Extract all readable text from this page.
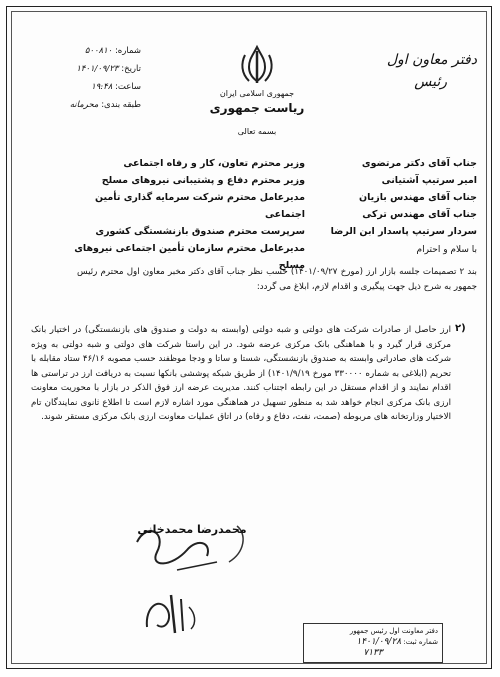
شماره: ۵۰۰۸۱۰
تاریخ: ۱۴۰۱/۰۹/۲۳
ساعت: ۱۹:۴۸
طبقه بندی: محرمانه
جمهوری اسلامی ایران
ریاست جمهوری
بسمه تعالی
دفتر معاون اول
رئیس
جناب آقای دکتر مرتضوی
امیر سرتیپ آشتیانی
جناب آقای مهندس بازیان
جناب آقای مهندس ترکی
سردار سرتیپ پاسدار ابن الرضا
وزیر محترم تعاون، کار و رفاه اجتماعی
وزیر محترم دفاع و پشتیبانی نیروهای مسلح
مدیرعامل محترم شرکت سرمایه گذاری تأمین اجتماعی
سرپرست محترم صندوق بازنشستگی کشوری
مدیرعامل محترم سازمان تأمین اجتماعی نیروهای مسلح
با سلام و احترام
بند ۲ تصمیمات جلسه بازار ارز (مورخ ۱۴۰۱/۰۹/۲۷) حسب نظر جناب آقای دکتر مخبر معاون اول محترم رئیس جمهور به شرح ذیل جهت پیگیری و اقدام لازم، ابلاغ می گردد:
۲)
ارز حاصل از صادرات شرکت های دولتی و شبه دولتی (وابسته به دولت و صندوق های بازنشستگی) در اختیار بانک مرکزی قرار گیرد و با هماهنگی بانک مرکزی عرضه شود. در این راستا شرکت های دولتی و شبه دولتی به ویژه شرکت های صادراتی وابسته به صندوق بازنشستگی، شستا و ساتا و ودجا موظفند حسب مصوبه ۴۶/۱۶ ستاد مقابله با تحریم (ابلاغی به شماره ۳۳۰۰۰۰ مورخ ۱۴۰۱/۹/۱۹) از طریق شبکه پوششی بانکها نسبت به دریافت ارز در تراستی ها اقدام نمایند و از اقدام مستقل در این رابطه اجتناب کنند. مدیریت عرضه ارز فوق الذکر در بازار با محوریت معاونت ارزی بانک مرکزی انجام خواهد شد به منظور تسهیل در هماهنگی مورد اشاره لازم است تا اطلاع ثانوی نمایندگان تام الاختیار وزارتخانه های مربوطه (صمت، نفت، دفاع و رفاه) در اتاق عملیات معاونت ارزی بانک مرکزی مستقر شوند.
محمدرضا محمدخانی
دفتر معاونت اول رئیس جمهور
شماره ثبت: ۱۴۰۱/۰۹/۲۸
۷۱۳۳
